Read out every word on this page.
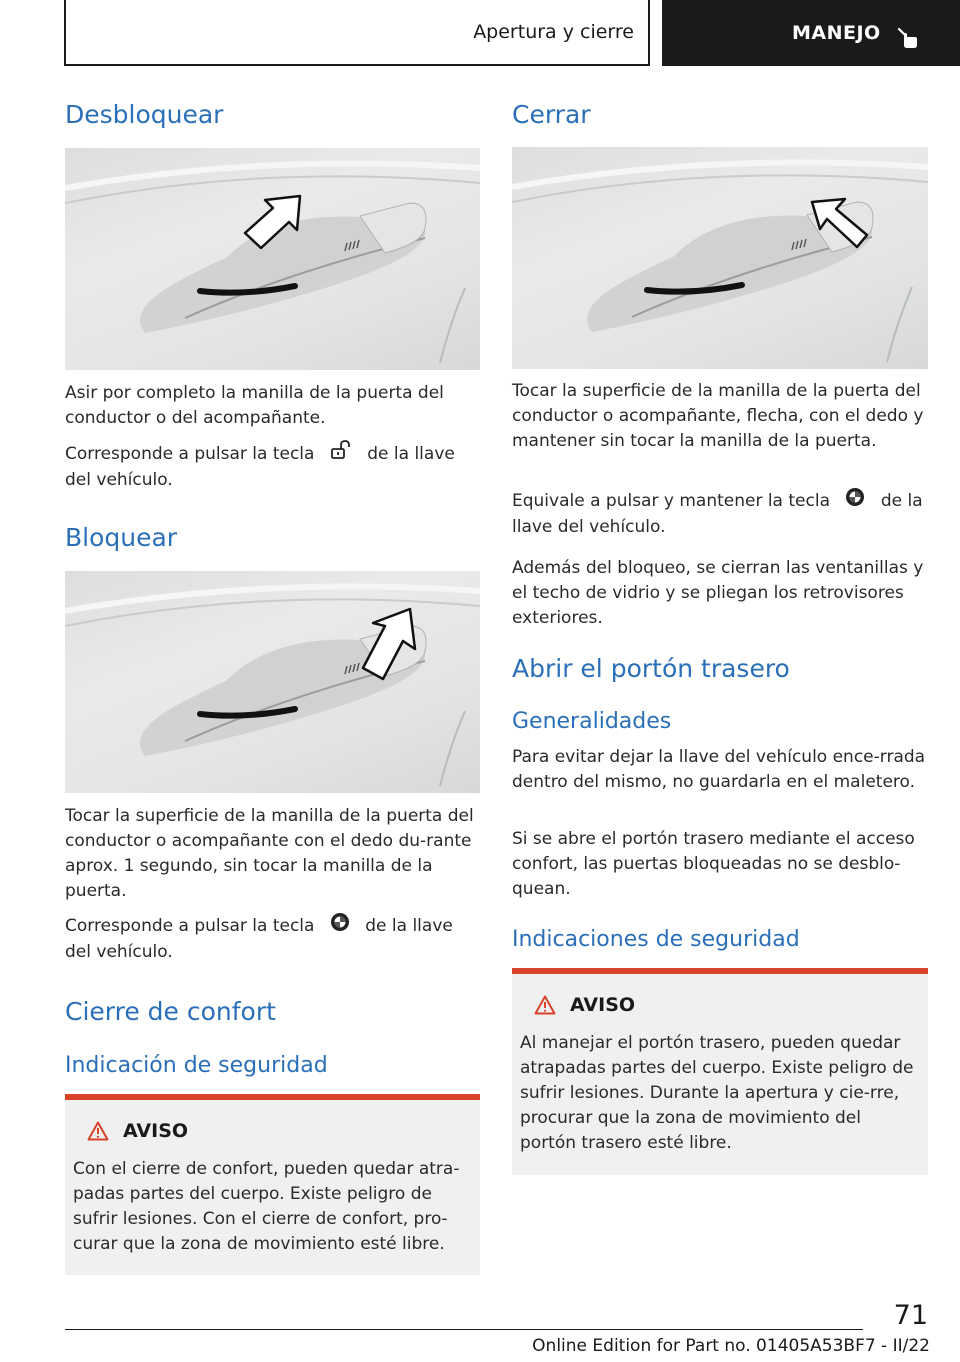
Apertura y cierre	MANEJO
Desbloquear

Asir por completo la manilla de la puerta del conductor o del acompañante.

Corresponde a pulsar la tecla	de la llave del vehículo.

Bloquear

Tocar la superficie de la manilla de la puerta del conductor o acompañante con el dedo du‐rante aprox. 1 segundo, sin tocar la manilla de la puerta.

Corresponde a pulsar la tecla	de la llave del vehículo.

Cierre de confort
Indicación de seguridad
AVISO

Con el cierre de confort, pueden quedar atra‐padas partes del cuerpo. Existe peligro de sufrir lesiones. Con el cierre de confort, pro‐curar que la zona de movimiento esté libre.

Cerrar

Tocar la superficie de la manilla de la puerta del conductor o acompañante, flecha, con el dedo y mantener sin tocar la manilla de la puerta.

Equivale a pulsar y mantener la tecla	de la llave del vehículo.

Además del bloqueo, se cierran las ventanillas y el techo de vidrio y se pliegan los retrovisores exteriores.

Abrir el portón trasero
Generalidades

Para evitar dejar la llave del vehículo ence‐rrada dentro del mismo, no guardarla en el maletero.

Si se abre el portón trasero mediante el acceso confort, las puertas bloqueadas no se desblo‐quean.

Indicaciones de seguridad
AVISO

Al manejar el portón trasero, pueden quedar atrapadas partes del cuerpo. Existe peligro de sufrir lesiones. Durante la apertura y cie‐rre, procurar que la zona de movimiento del portón trasero esté libre.

71
Online Edition for Part no. 01405A53BF7 - II/22
